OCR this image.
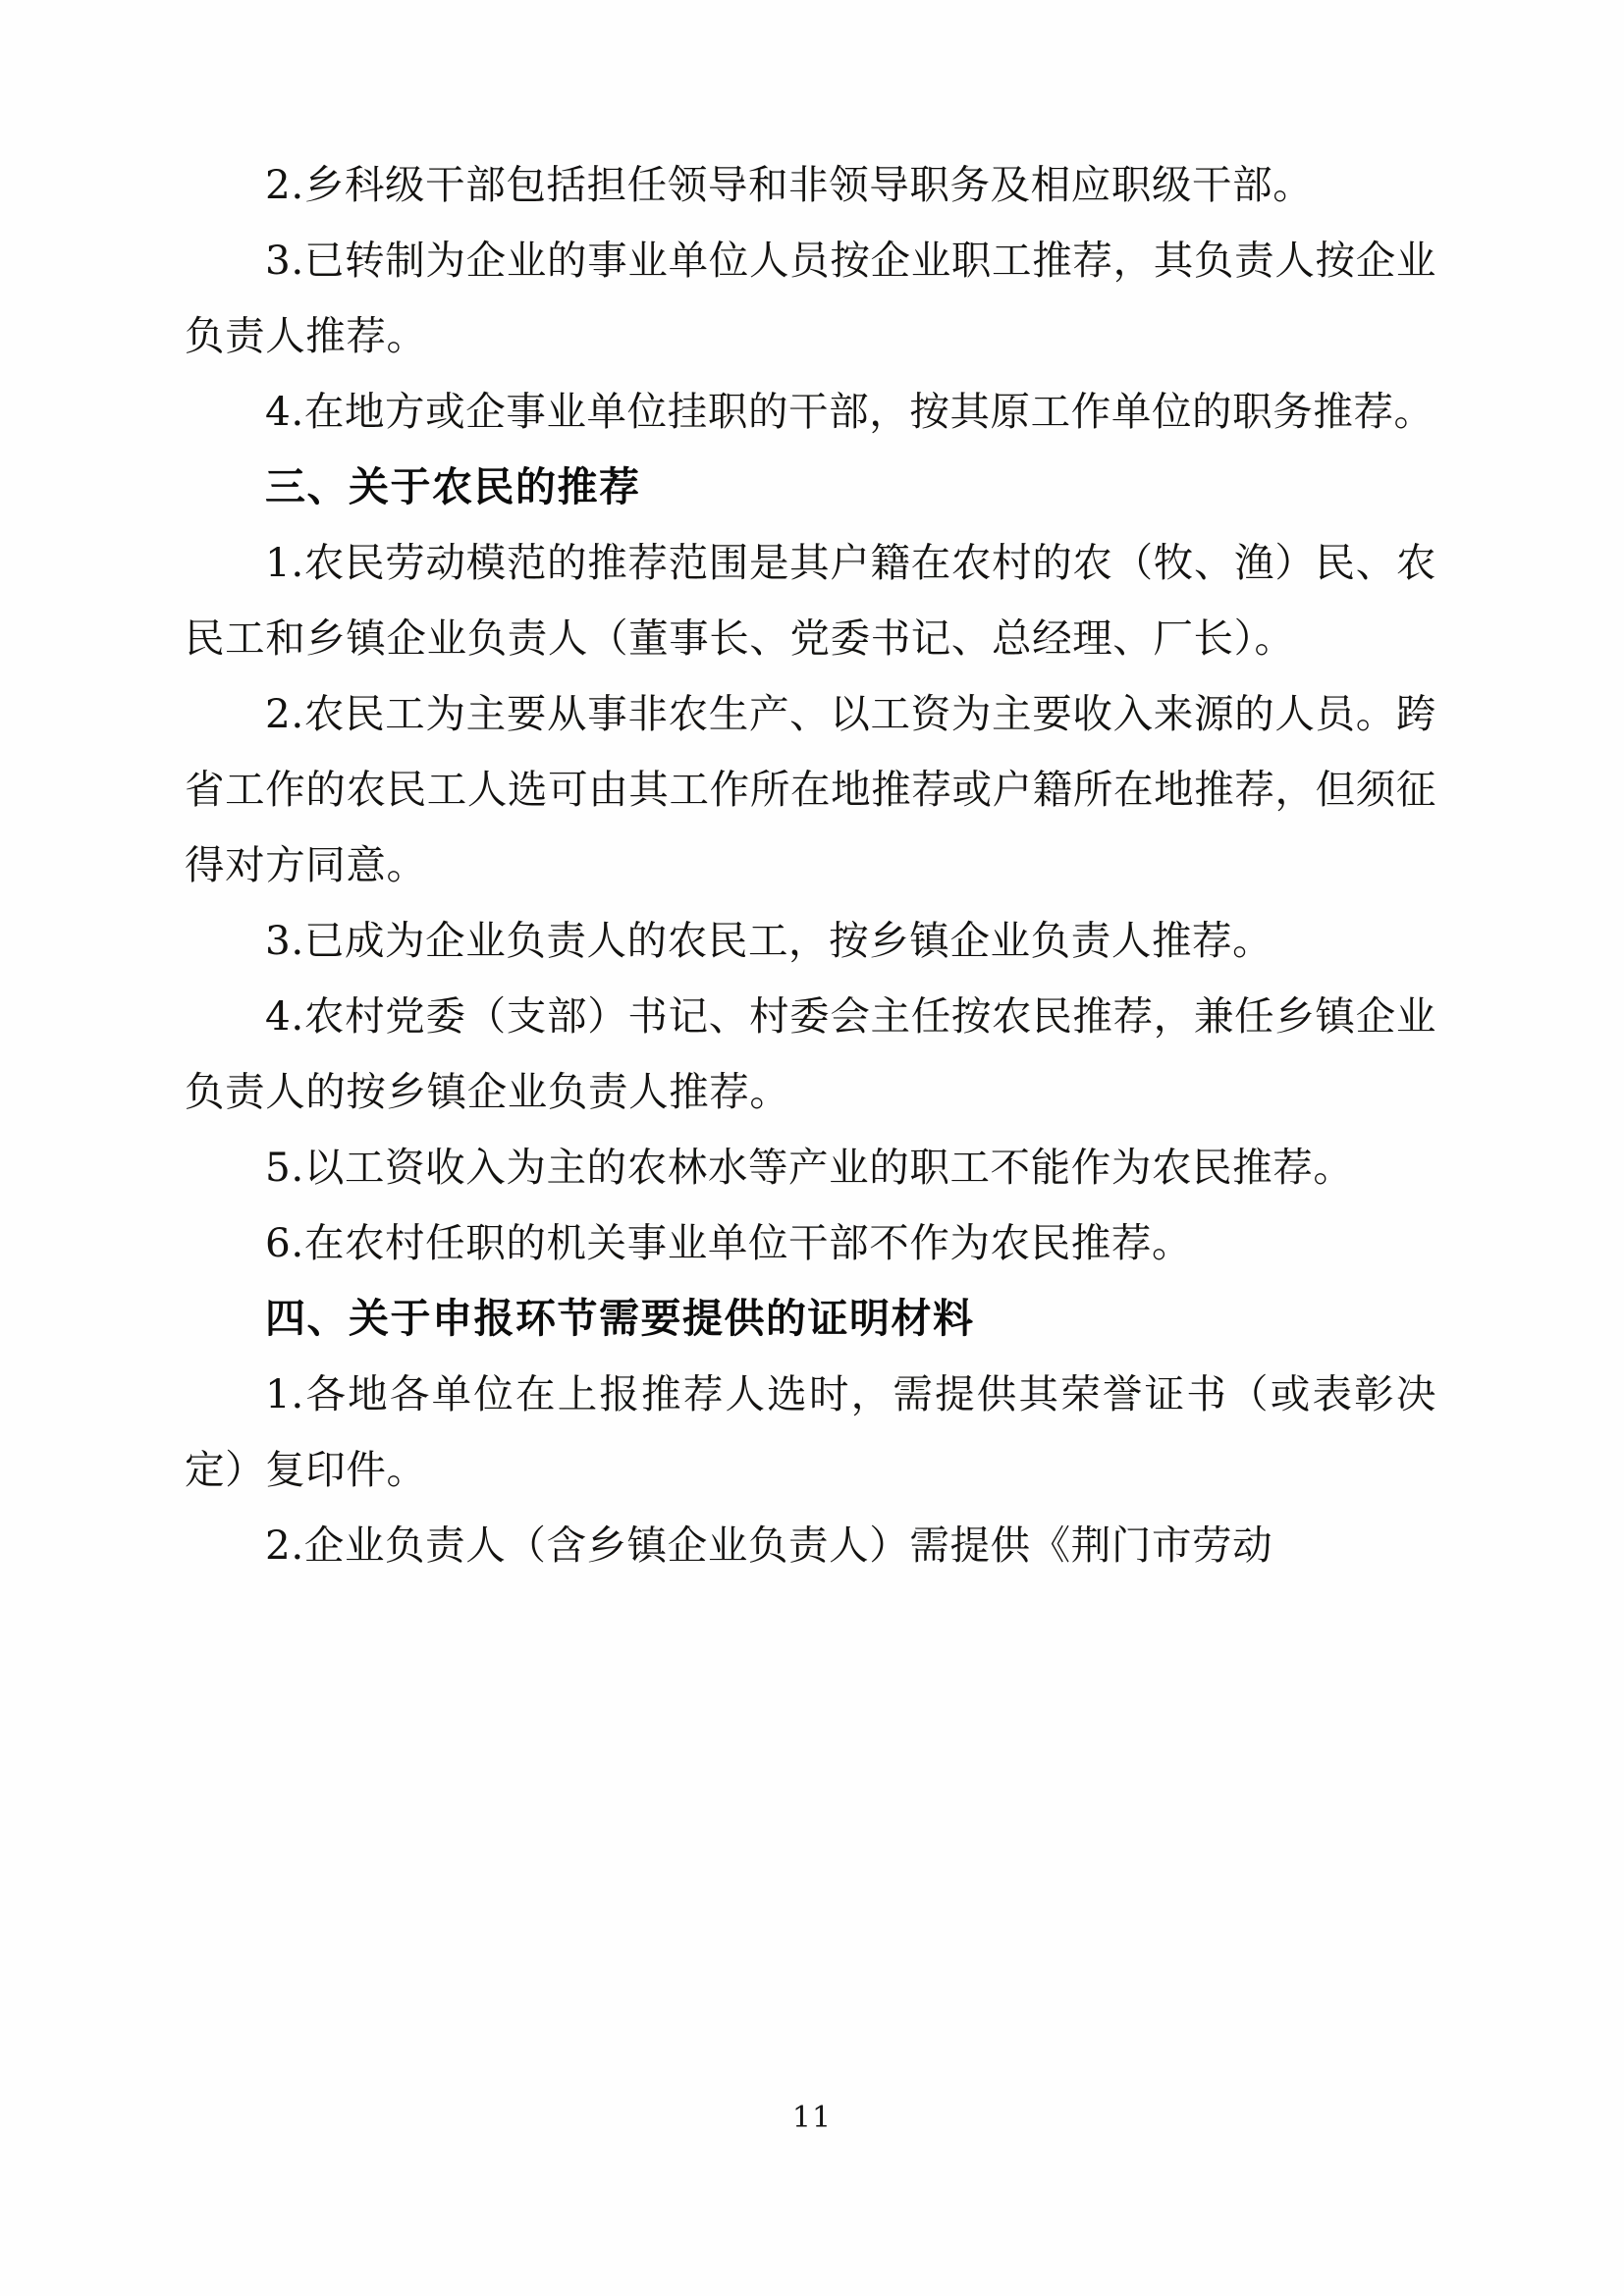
2.乡科级干部包括担任领导和非领导职务及相应职级干部。

3.已转制为企业的事业单位人员按企业职工推荐，其负责人按企业负责人推荐。

4.在地方或企事业单位挂职的干部，按其原工作单位的职务推荐。

三、关于农民的推荐

1.农民劳动模范的推荐范围是其户籍在农村的农（牧、渔）民、农民工和乡镇企业负责人（董事长、党委书记、总经理、厂长）。

2.农民工为主要从事非农生产、以工资为主要收入来源的人员。跨省工作的农民工人选可由其工作所在地推荐或户籍所在地推荐，但须征得对方同意。

3.已成为企业负责人的农民工，按乡镇企业负责人推荐。

4.农村党委（支部）书记、村委会主任按农民推荐，兼任乡镇企业负责人的按乡镇企业负责人推荐。

5.以工资收入为主的农林水等产业的职工不能作为农民推荐。

6.在农村任职的机关事业单位干部不作为农民推荐。

四、关于申报环节需要提供的证明材料

1.各地各单位在上报推荐人选时，需提供其荣誉证书（或表彰决定）复印件。

2.企业负责人（含乡镇企业负责人）需提供《荆门市劳动

11
